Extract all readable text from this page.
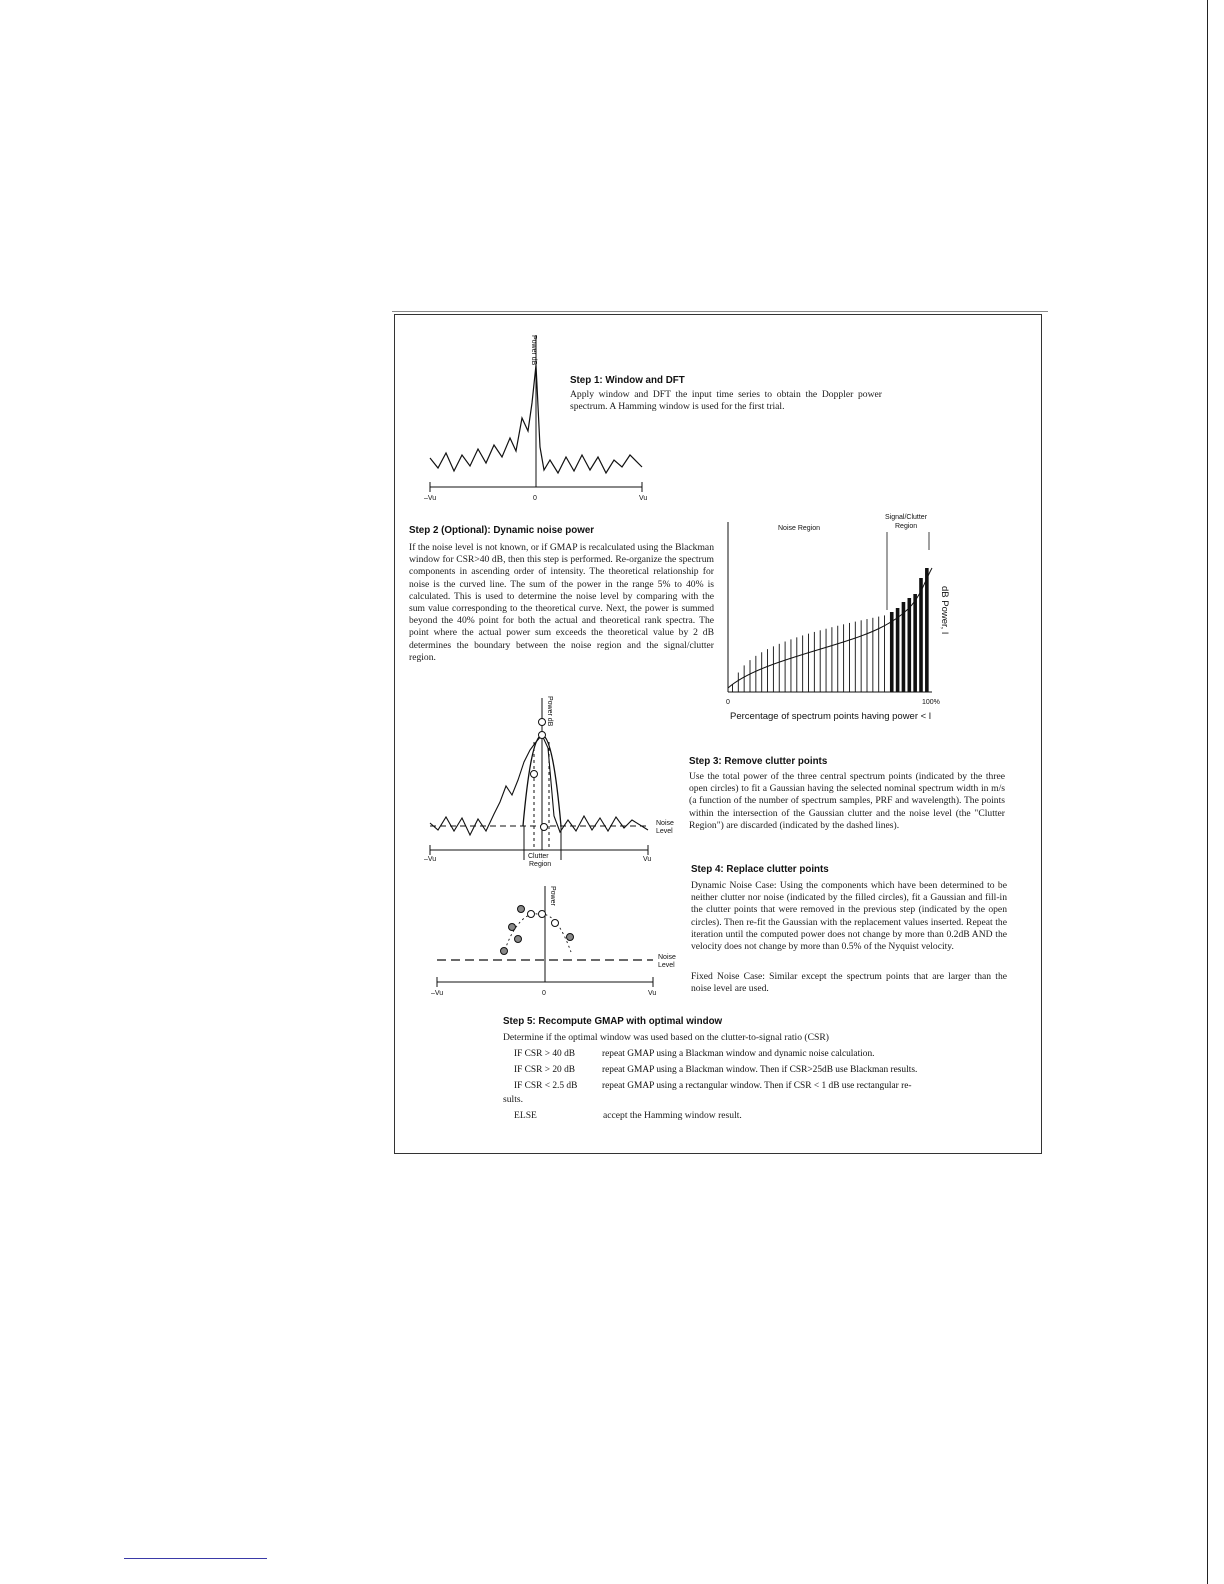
Power dB
–Vu	0	Vu
Step 1: Window and DFT
Apply window and DFT the input time series to obtain the Doppler power spectrum. A Hamming window is used for the first trial.
Step 2 (Optional): Dynamic noise power
If the noise level is not known, or if GMAP is recalculated using the Blackman window for CSR>40 dB, then this step is performed. Re-organize the spectrum components in ascending order of intensity. The theoretical relationship for noise is the curved line. The sum of the power in the range 5% to 40% is calculated. This is used to determine the noise level by comparing with the sum value corresponding to the theoretical curve. Next, the power is summed beyond the 40% point for both the actual and theoretical rank spectra. The point where the actual power sum exceeds the theoretical value by 2 dB determines the boundary between the noise region and the signal/clutter region.
Noise Region
Signal/Clutter
Region
dB Power, l
0	100%
Percentage of spectrum points having power < l
Power dB
Noise
Level
Clutter
Region
–Vu	Vu
Step 3: Remove clutter points
Use the total power of the three central spectrum points (indicated by the three open circles) to fit a Gaussian having the selected nominal spectrum width in m/s (a function of the number of spectrum samples, PRF and wavelength). The points within the intersection of the Gaussian clutter and the noise level (the "Clutter Region") are discarded (indicated by the dashed lines).
Power
Noise
Level
–Vu	0	Vu
Step 4: Replace clutter points
Dynamic Noise Case: Using the components which have been determined to be neither clutter nor noise (indicated by the filled circles), fit a Gaussian and fill-in the clutter points that were removed in the previous step (indicated by the open circles). Then re-fit the Gaussian with the replacement values inserted. Repeat the iteration until the computed power does not change by more than 0.2dB AND the velocity does not change by more than 0.5% of the Nyquist velocity.
Fixed Noise Case: Similar except the spectrum points that are larger than the noise level are used.
Step 5: Recompute GMAP with optimal window
Determine if the optimal window was used based on the clutter-to-signal ratio (CSR)
IF CSR > 40 dB	repeat GMAP using a Blackman window and dynamic noise calculation.
IF CSR > 20 dB	repeat GMAP using a Blackman window. Then if CSR>25dB use Blackman results.
IF CSR < 2.5 dB	repeat GMAP using a rectangular window. Then if CSR < 1 dB use rectangular re-
sults.
ELSE	accept the Hamming window result.
